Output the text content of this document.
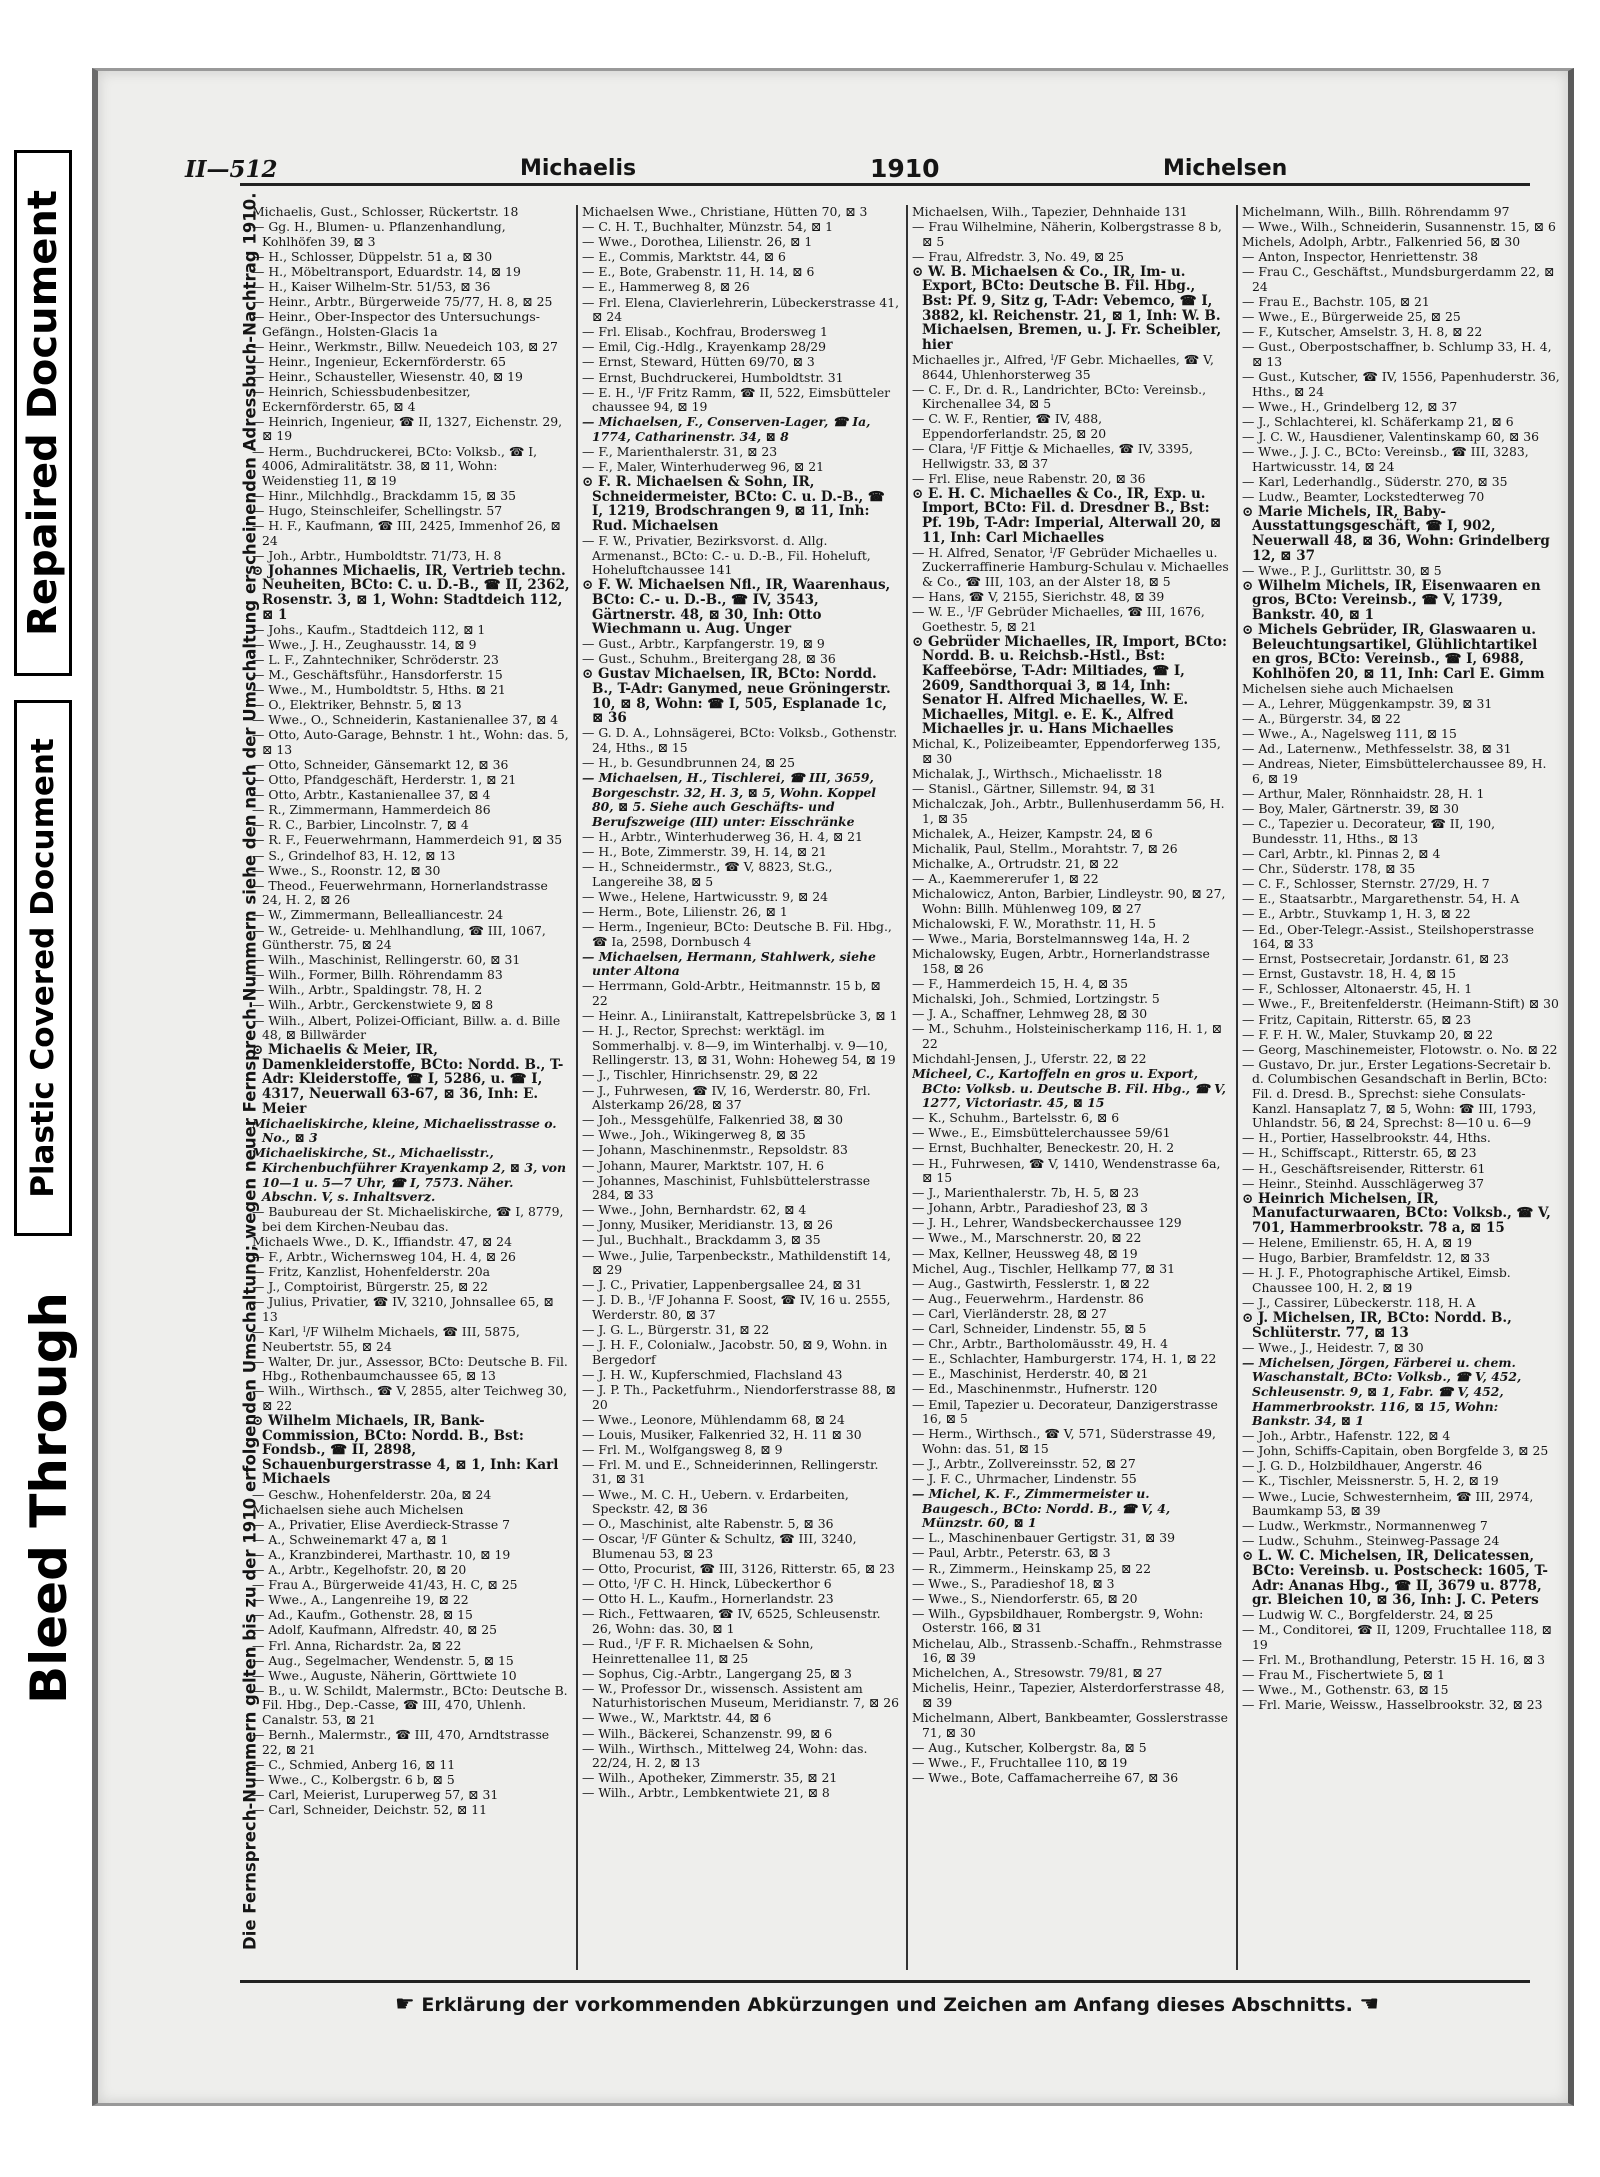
Repaired Document
Plastic Covered Document
Bleed Through
II—512	Michaelis	1910	Michelsen
Die Fernsprech-Nummern gelten bis zu der 1910 erfolgenden Umschaltung; wegen neuer Fernsprech-Nummern siehe den nach der Umschaltung erscheinenden Adressbuch-Nachtrag 1910.
Michaelis, Gust., Schlosser, Rückertstr. 18
— Gg. H., Blumen- u. Pflanzenhandlung, Kohlhöfen 39, ⊠ 3
— H., Schlosser, Düppelstr. 51 a, ⊠ 30
— H., Möbeltransport, Eduardstr. 14, ⊠ 19
— H., Kaiser Wilhelm-Str. 51/53, ⊠ 36
— Heinr., Arbtr., Bürgerweide 75/77, H. 8, ⊠ 25
— Heinr., Ober-Inspector des Untersuchungs-Gefängn., Holsten-Glacis 1a
— Heinr., Werkmstr., Billw. Neuedeich 103, ⊠ 27
— Heinr., Ingenieur, Eckernförderstr. 65
— Heinr., Schausteller, Wiesenstr. 40, ⊠ 19
— Heinrich, Schiessbudenbesitzer, Eckernförderstr. 65, ⊠ 4
— Heinrich, Ingenieur, ☎ II, 1327, Eichenstr. 29, ⊠ 19
— Herm., Buchdruckerei, BCto: Volksb., ☎ I, 4006, Admiralitätstr. 38, ⊠ 11, Wohn: Weidenstieg 11, ⊠ 19
— Hinr., Milchhdlg., Brackdamm 15, ⊠ 35
— Hugo, Steinschleifer, Schellingstr. 57
— H. F., Kaufmann, ☎ III, 2425, Immenhof 26, ⊠ 24
— Joh., Arbtr., Humboldtstr. 71/73, H. 8
⊙ Johannes Michaelis, IR, Vertrieb techn. Neuheiten, BCto: C. u. D.-B., ☎ II, 2362, Rosenstr. 3, ⊠ 1, Wohn: Stadtdeich 112, ⊠ 1
— Johs., Kaufm., Stadtdeich 112, ⊠ 1
— Wwe., J. H., Zeughausstr. 14, ⊠ 9
— L. F., Zahntechniker, Schröderstr. 23
— M., Geschäftsführ., Hansdorferstr. 15
— Wwe., M., Humboldtstr. 5, Hths. ⊠ 21
— O., Elektriker, Behnstr. 5, ⊠ 13
— Wwe., O., Schneiderin, Kastanienallee 37, ⊠ 4
— Otto, Auto-Garage, Behnstr. 1 ht., Wohn: das. 5, ⊠ 13
— Otto, Schneider, Gänsemarkt 12, ⊠ 36
— Otto, Pfandgeschäft, Herderstr. 1, ⊠ 21
— Otto, Arbtr., Kastanienallee 37, ⊠ 4
— R., Zimmermann, Hammerdeich 86
— R. C., Barbier, Lincolnstr. 7, ⊠ 4
— R. F., Feuerwehrmann, Hammerdeich 91, ⊠ 35
— S., Grindelhof 83, H. 12, ⊠ 13
— Wwe., S., Roonstr. 12, ⊠ 30
— Theod., Feuerwehrmann, Hornerlandstrasse 24, H. 2, ⊠ 26
— W., Zimmermann, Bellealliancestr. 24
— W., Getreide- u. Mehlhandlung, ☎ III, 1067, Güntherstr. 75, ⊠ 24
— Wilh., Maschinist, Rellingerstr. 60, ⊠ 31
— Wilh., Former, Billh. Röhrendamm 83
— Wilh., Arbtr., Spaldingstr. 78, H. 2
— Wilh., Arbtr., Gerckenstwiete 9, ⊠ 8
— Wilh., Albert, Polizei-Officiant, Billw. a. d. Bille 48, ⊠ Billwärder
⊙ Michaelis & Meier, IR, Damenkleiderstoffe, BCto: Nordd. B., T-Adr: Kleiderstoffe, ☎ I, 5286, u. ☎ I, 4317, Neuerwall 63-67, ⊠ 36, Inh: E. Meier
Michaeliskirche, kleine, Michaelisstrasse o. No., ⊠ 3
Michaeliskirche, St., Michaelisstr., Kirchenbuchführer Krayenkamp 2, ⊠ 3, von 10—1 u. 5—7 Uhr, ☎ I, 7573. Näher. Abschn. V, s. Inhaltsverz.
— Baubureau der St. Michaeliskirche, ☎ I, 8779, bei dem Kirchen-Neubau das.
Michaels Wwe., D. K., Iffiandstr. 47, ⊠ 24
— F., Arbtr., Wichernsweg 104, H. 4, ⊠ 26
— Fritz, Kanzlist, Hohenfelderstr. 20a
— J., Comptoirist, Bürgerstr. 25, ⊠ 22
— Julius, Privatier, ☎ IV, 3210, Johnsallee 65, ⊠ 13
— Karl, ᴵ/F Wilhelm Michaels, ☎ III, 5875, Neubertstr. 55, ⊠ 24
— Walter, Dr. jur., Assessor, BCto: Deutsche B. Fil. Hbg., Rothenbaumchaussee 65, ⊠ 13
— Wilh., Wirthsch., ☎ V, 2855, alter Teichweg 30, ⊠ 22
⊙ Wilhelm Michaels, IR, Bank-Commission, BCto: Nordd. B., Bst: Fondsb., ☎ II, 2898, Schauenburgerstrasse 4, ⊠ 1, Inh: Karl Michaels
— Geschw., Hohenfelderstr. 20a, ⊠ 24
Michaelsen siehe auch Michelsen
— A., Privatier, Elise Averdieck-Strasse 7
— A., Schweinemarkt 47 a, ⊠ 1
— A., Kranzbinderei, Marthastr. 10, ⊠ 19
— A., Arbtr., Kegelhofstr. 20, ⊠ 20
— Frau A., Bürgerweide 41/43, H. C, ⊠ 25
— Wwe., A., Langenreihe 19, ⊠ 22
— Ad., Kaufm., Gothenstr. 28, ⊠ 15
— Adolf, Kaufmann, Alfredstr. 40, ⊠ 25
— Frl. Anna, Richardstr. 2a, ⊠ 22
— Aug., Segelmacher, Wendenstr. 5, ⊠ 15
— Wwe., Auguste, Näherin, Görttwiete 10
— B., u. W. Schildt, Malermstr., BCto: Deutsche B. Fil. Hbg., Dep.-Casse, ☎ III, 470, Uhlenh. Canalstr. 53, ⊠ 21
— Bernh., Malermstr., ☎ III, 470, Arndtstrasse 22, ⊠ 21
— C., Schmied, Anberg 16, ⊠ 11
— Wwe., C., Kolbergstr. 6 b, ⊠ 5
— Carl, Meierist, Luruperweg 57, ⊠ 31
— Carl, Schneider, Deichstr. 52, ⊠ 11
Michaelsen Wwe., Christiane, Hütten 70, ⊠ 3
— C. H. T., Buchhalter, Münzstr. 54, ⊠ 1
— Wwe., Dorothea, Lilienstr. 26, ⊠ 1
— E., Commis, Marktstr. 44, ⊠ 6
— E., Bote, Grabenstr. 11, H. 14, ⊠ 6
— E., Hammerweg 8, ⊠ 26
— Frl. Elena, Clavierlehrerin, Lübeckerstrasse 41, ⊠ 24
— Frl. Elisab., Kochfrau, Brodersweg 1
— Emil, Cig.-Hdlg., Krayenkamp 28/29
— Ernst, Steward, Hütten 69/70, ⊠ 3
— Ernst, Buchdruckerei, Humboldtstr. 31
— E. H., ᴵ/F Fritz Ramm, ☎ II, 522, Eimsbütteler chaussee 94, ⊠ 19
— Michaelsen, F., Conserven-Lager, ☎ Ia, 1774, Catharinenstr. 34, ⊠ 8
— F., Marienthalerstr. 31, ⊠ 23
— F., Maler, Winterhuderweg 96, ⊠ 21
⊙ F. R. Michaelsen & Sohn, IR, Schneidermeister, BCto: C. u. D.-B., ☎ I, 1219, Brodschrangen 9, ⊠ 11, Inh: Rud. Michaelsen
— F. W., Privatier, Bezirksvorst. d. Allg. Armenanst., BCto: C.- u. D.-B., Fil. Hoheluft, Hoheluftchaussee 141
⊙ F. W. Michaelsen Nfl., IR, Waarenhaus, BCto: C.- u. D.-B., ☎ IV, 3543, Gärtnerstr. 48, ⊠ 30, Inh: Otto Wiechmann u. Aug. Unger
— Gust., Arbtr., Karpfangerstr. 19, ⊠ 9
— Gust., Schuhm., Breitergang 28, ⊠ 36
⊙ Gustav Michaelsen, IR, BCto: Nordd. B., T-Adr: Ganymed, neue Gröningerstr. 10, ⊠ 8, Wohn: ☎ I, 505, Esplanade 1c, ⊠ 36
— G. D. A., Lohnsägerei, BCto: Volksb., Gothenstr. 24, Hths., ⊠ 15
— H., b. Gesundbrunnen 24, ⊠ 25
— Michaelsen, H., Tischlerei, ☎ III, 3659, Borgeschstr. 32, H. 3, ⊠ 5, Wohn. Koppel 80, ⊠ 5. Siehe auch Geschäfts- und Berufszweige (III) unter: Eisschränke
— H., Arbtr., Winterhuderweg 36, H. 4, ⊠ 21
— H., Bote, Zimmerstr. 39, H. 14, ⊠ 21
— H., Schneidermstr., ☎ V, 8823, St.G., Langereihe 38, ⊠ 5
— Wwe., Helene, Hartwicusstr. 9, ⊠ 24
— Herm., Bote, Lilienstr. 26, ⊠ 1
— Herm., Ingenieur, BCto: Deutsche B. Fil. Hbg., ☎ Ia, 2598, Dornbusch 4
— Michaelsen, Hermann, Stahlwerk, siehe unter Altona
— Herrmann, Gold-Arbtr., Heitmannstr. 15 b, ⊠ 22
— Heinr. A., Liniiranstalt, Kattrepelsbrücke 3, ⊠ 1
— H. J., Rector, Sprechst: werktägl. im Sommerhalbj. v. 8—9, im Winterhalbj. v. 9—10, Rellingerstr. 13, ⊠ 31, Wohn: Hoheweg 54, ⊠ 19
— J., Tischler, Hinrichsenstr. 29, ⊠ 22
— J., Fuhrwesen, ☎ IV, 16, Werderstr. 80, Frl. Alsterkamp 26/28, ⊠ 37
— Joh., Messgehülfe, Falkenried 38, ⊠ 30
— Wwe., Joh., Wikingerweg 8, ⊠ 35
— Johann, Maschinenmstr., Repsoldstr. 83
— Johann, Maurer, Marktstr. 107, H. 6
— Johannes, Maschinist, Fuhlsbüttelerstrasse 284, ⊠ 33
— Wwe., John, Bernhardstr. 62, ⊠ 4
— Jonny, Musiker, Meridianstr. 13, ⊠ 26
— Jul., Buchhalt., Brackdamm 3, ⊠ 35
— Wwe., Julie, Tarpenbeckstr., Mathildenstift 14, ⊠ 29
— J. C., Privatier, Lappenbergsallee 24, ⊠ 31
— J. D. B., ᴵ/F Johanna F. Soost, ☎ IV, 16 u. 2555, Werderstr. 80, ⊠ 37
— J. G. L., Bürgerstr. 31, ⊠ 22
— J. H. F., Colonialw., Jacobstr. 50, ⊠ 9, Wohn. in Bergedorf
— J. H. W., Kupferschmied, Flachsland 43
— J. P. Th., Packetfuhrm., Niendorferstrasse 88, ⊠ 20
— Wwe., Leonore, Mühlendamm 68, ⊠ 24
— Louis, Musiker, Falkenried 32, H. 11 ⊠ 30
— Frl. M., Wolfgangsweg 8, ⊠ 9
— Frl. M. und E., Schneiderinnen, Rellingerstr. 31, ⊠ 31
— Wwe., M. C. H., Uebern. v. Erdarbeiten, Speckstr. 42, ⊠ 36
— O., Maschinist, alte Rabenstr. 5, ⊠ 36
— Oscar, ᴵ/F Günter & Schultz, ☎ III, 3240, Blumenau 53, ⊠ 23
— Otto, Procurist, ☎ III, 3126, Ritterstr. 65, ⊠ 23
— Otto, ᴵ/F C. H. Hinck, Lübeckerthor 6
— Otto H. L., Kaufm., Hornerlandstr. 23
— Rich., Fettwaaren, ☎ IV, 6525, Schleusenstr. 26, Wohn: das. 30, ⊠ 1
— Rud., ᴵ/F F. R. Michaelsen & Sohn, Heinrettenallee 11, ⊠ 25
— Sophus, Cig.-Arbtr., Langergang 25, ⊠ 3
— W., Professor Dr., wissensch. Assistent am Naturhistorischen Museum, Meridianstr. 7, ⊠ 26
— Wwe., W., Marktstr. 44, ⊠ 6
— Wilh., Bäckerei, Schanzenstr. 99, ⊠ 6
— Wilh., Wirthsch., Mittelweg 24, Wohn: das. 22/24, H. 2, ⊠ 13
— Wilh., Apotheker, Zimmerstr. 35, ⊠ 21
— Wilh., Arbtr., Lembkentwiete 21, ⊠ 8
Michaelsen, Wilh., Tapezier, Dehnhaide 131
— Frau Wilhelmine, Näherin, Kolbergstrasse 8 b, ⊠ 5
— Frau, Alfredstr. 3, No. 49, ⊠ 25
⊙ W. B. Michaelsen & Co., IR, Im- u. Export, BCto: Deutsche B. Fil. Hbg., Bst: Pf. 9, Sitz g, T-Adr: Vebemco, ☎ I, 3882, kl. Reichenstr. 21, ⊠ 1, Inh: W. B. Michaelsen, Bremen, u. J. Fr. Scheibler, hier
Michaelles jr., Alfred, ᴵ/F Gebr. Michaelles, ☎ V, 8644, Uhlenhorsterweg 35
— C. F., Dr. d. R., Landrichter, BCto: Vereinsb., Kirchenallee 34, ⊠ 5
— C. W. F., Rentier, ☎ IV, 488, Eppendorferlandstr. 25, ⊠ 20
— Clara, ᴵ/F Fittje & Michaelles, ☎ IV, 3395, Hellwigstr. 33, ⊠ 37
— Frl. Elise, neue Rabenstr. 20, ⊠ 36
⊙ E. H. C. Michaelles & Co., IR, Exp. u. Import, BCto: Fil. d. Dresdner B., Bst: Pf. 19b, T-Adr: Imperial, Alterwall 20, ⊠ 11, Inh: Carl Michaelles
— H. Alfred, Senator, ᴵ/F Gebrüder Michaelles u. Zuckerraffinerie Hamburg-Schulau v. Michaelles & Co., ☎ III, 103, an der Alster 18, ⊠ 5
— Hans, ☎ V, 2155, Sierichstr. 48, ⊠ 39
— W. E., ᴵ/F Gebrüder Michaelles, ☎ III, 1676, Goethestr. 5, ⊠ 21
⊙ Gebrüder Michaelles, IR, Import, BCto: Nordd. B. u. Reichsb.-Hstl., Bst: Kaffeebörse, T-Adr: Miltiades, ☎ I, 2609, Sandthorquai 3, ⊠ 14, Inh: Senator H. Alfred Michaelles, W. E. Michaelles, Mitgl. e. E. K., Alfred Michaelles jr. u. Hans Michaelles
Michal, K., Polizeibeamter, Eppendorferweg 135, ⊠ 30
Michalak, J., Wirthsch., Michaelisstr. 18
— Stanisl., Gärtner, Sillemstr. 94, ⊠ 31
Michalczak, Joh., Arbtr., Bullenhuserdamm 56, H. 1, ⊠ 35
Michalek, A., Heizer, Kampstr. 24, ⊠ 6
Michalik, Paul, Stellm., Morahtstr. 7, ⊠ 26
Michalke, A., Ortrudstr. 21, ⊠ 22
— A., Kaemmererufer 1, ⊠ 22
Michalowicz, Anton, Barbier, Lindleystr. 90, ⊠ 27, Wohn: Billh. Mühlenweg 109, ⊠ 27
Michalowski, F. W., Morathstr. 11, H. 5
— Wwe., Maria, Borstelmannsweg 14a, H. 2
Michalowsky, Eugen, Arbtr., Hornerlandstrasse 158, ⊠ 26
— F., Hammerdeich 15, H. 4, ⊠ 35
Michalski, Joh., Schmied, Lortzingstr. 5
— J. A., Schaffner, Lehmweg 28, ⊠ 30
— M., Schuhm., Holsteinischerkamp 116, H. 1, ⊠ 22
Michdahl-Jensen, J., Uferstr. 22, ⊠ 22
Micheel, C., Kartoffeln en gros u. Export, BCto: Volksb. u. Deutsche B. Fil. Hbg., ☎ V, 1277, Victoriastr. 45, ⊠ 15
— K., Schuhm., Bartelsstr. 6, ⊠ 6
— Wwe., E., Eimsbüttelerchaussee 59/61
— Ernst, Buchhalter, Beneckestr. 20, H. 2
— H., Fuhrwesen, ☎ V, 1410, Wendenstrasse 6a, ⊠ 15
— J., Marienthalerstr. 7b, H. 5, ⊠ 23
— Johann, Arbtr., Paradieshof 23, ⊠ 3
— J. H., Lehrer, Wandsbeckerchaussee 129
— Wwe., M., Marschnerstr. 20, ⊠ 22
— Max, Kellner, Heussweg 48, ⊠ 19
Michel, Aug., Tischler, Hellkamp 77, ⊠ 31
— Aug., Gastwirth, Fesslerstr. 1, ⊠ 22
— Aug., Feuerwehrm., Hardenstr. 86
— Carl, Vierländerstr. 28, ⊠ 27
— Carl, Schneider, Lindenstr. 55, ⊠ 5
— Chr., Arbtr., Bartholomäusstr. 49, H. 4
— E., Schlachter, Hamburgerstr. 174, H. 1, ⊠ 22
— E., Maschinist, Herderstr. 40, ⊠ 21
— Ed., Maschinenmstr., Hufnerstr. 120
— Emil, Tapezier u. Decorateur, Danzigerstrasse 16, ⊠ 5
— Herm., Wirthsch., ☎ V, 571, Süderstrasse 49, Wohn: das. 51, ⊠ 15
— J., Arbtr., Zollvereinsstr. 52, ⊠ 27
— J. F. C., Uhrmacher, Lindenstr. 55
— Michel, K. F., Zimmermeister u. Baugesch., BCto: Nordd. B., ☎ V, 4, Münzstr. 60, ⊠ 1
— L., Maschinenbauer Gertigstr. 31, ⊠ 39
— Paul, Arbtr., Peterstr. 63, ⊠ 3
— R., Zimmerm., Heinskamp 25, ⊠ 22
— Wwe., S., Paradieshof 18, ⊠ 3
— Wwe., S., Niendorferstr. 65, ⊠ 20
— Wilh., Gypsbildhauer, Rombergstr. 9, Wohn: Osterstr. 166, ⊠ 31
Michelau, Alb., Strassenb.-Schaffn., Rehmstrasse 16, ⊠ 39
Michelchen, A., Stresowstr. 79/81, ⊠ 27
Michelis, Heinr., Tapezier, Alsterdorferstrasse 48, ⊠ 39
Michelmann, Albert, Bankbeamter, Gosslerstrasse 71, ⊠ 30
— Aug., Kutscher, Kolbergstr. 8a, ⊠ 5
— Wwe., F., Fruchtallee 110, ⊠ 19
— Wwe., Bote, Caffamacherreihe 67, ⊠ 36
Michelmann, Wilh., Billh. Röhrendamm 97
— Wwe., Wilh., Schneiderin, Susannenstr. 15, ⊠ 6
Michels, Adolph, Arbtr., Falkenried 56, ⊠ 30
— Anton, Inspector, Henriettenstr. 38
— Frau C., Geschäftst., Mundsburgerdamm 22, ⊠ 24
— Frau E., Bachstr. 105, ⊠ 21
— Wwe., E., Bürgerweide 25, ⊠ 25
— F., Kutscher, Amselstr. 3, H. 8, ⊠ 22
— Gust., Oberpostschaffner, b. Schlump 33, H. 4, ⊠ 13
— Gust., Kutscher, ☎ IV, 1556, Papenhuderstr. 36, Hths., ⊠ 24
— Wwe., H., Grindelberg 12, ⊠ 37
— J., Schlachterei, kl. Schäferkamp 21, ⊠ 6
— J. C. W., Hausdiener, Valentinskamp 60, ⊠ 36
— Wwe., J. J. C., BCto: Vereinsb., ☎ III, 3283, Hartwicusstr. 14, ⊠ 24
— Karl, Lederhandlg., Süderstr. 270, ⊠ 35
— Ludw., Beamter, Lockstedterweg 70
⊙ Marie Michels, IR, Baby-Ausstattungsgeschäft, ☎ I, 902, Neuerwall 48, ⊠ 36, Wohn: Grindelberg 12, ⊠ 37
— Wwe., P. J., Gurlittstr. 30, ⊠ 5
⊙ Wilhelm Michels, IR, Eisenwaaren en gros, BCto: Vereinsb., ☎ V, 1739, Bankstr. 40, ⊠ 1
⊙ Michels Gebrüder, IR, Glaswaaren u. Beleuchtungsartikel, Glühlichtartikel en gros, BCto: Vereinsb., ☎ I, 6988, Kohlhöfen 20, ⊠ 11, Inh: Carl E. Gimm
Michelsen siehe auch Michaelsen
— A., Lehrer, Müggenkampstr. 39, ⊠ 31
— A., Bürgerstr. 34, ⊠ 22
— Wwe., A., Nagelsweg 111, ⊠ 15
— Ad., Laternenw., Methfesselstr. 38, ⊠ 31
— Andreas, Nieter, Eimsbüttelerchaussee 89, H. 6, ⊠ 19
— Arthur, Maler, Rönnhaidstr. 28, H. 1
— Boy, Maler, Gärtnerstr. 39, ⊠ 30
— C., Tapezier u. Decorateur, ☎ II, 190, Bundesstr. 11, Hths., ⊠ 13
— Carl, Arbtr., kl. Pinnas 2, ⊠ 4
— Chr., Süderstr. 178, ⊠ 35
— C. F., Schlosser, Sternstr. 27/29, H. 7
— E., Staatsarbtr., Margarethenstr. 54, H. A
— E., Arbtr., Stuvkamp 1, H. 3, ⊠ 22
— Ed., Ober-Telegr.-Assist., Steilshoperstrasse 164, ⊠ 33
— Ernst, Postsecretair, Jordanstr. 61, ⊠ 23
— Ernst, Gustavstr. 18, H. 4, ⊠ 15
— F., Schlosser, Altonaerstr. 45, H. 1
— Wwe., F., Breitenfelderstr. (Heimann-Stift) ⊠ 30
— Fritz, Capitain, Ritterstr. 65, ⊠ 23
— F. F. H. W., Maler, Stuvkamp 20, ⊠ 22
— Georg, Maschinemeister, Flotowstr. o. No. ⊠ 22
— Gustavo, Dr. jur., Erster Legations-Secretair b. d. Columbischen Gesandschaft in Berlin, BCto: Fil. d. Dresd. B., Sprechst: siehe Consulats-Kanzl. Hansaplatz 7, ⊠ 5, Wohn: ☎ III, 1793, Uhlandstr. 56, ⊠ 24, Sprechst: 8—10 u. 6—9
— H., Portier, Hasselbrookstr. 44, Hths.
— H., Schiffscapt., Ritterstr. 65, ⊠ 23
— H., Geschäftsreisender, Ritterstr. 61
— Heinr., Steinhd. Ausschlägerweg 37
⊙ Heinrich Michelsen, IR, Manufacturwaaren, BCto: Volksb., ☎ V, 701, Hammerbrookstr. 78 a, ⊠ 15
— Helene, Emilienstr. 65, H. A, ⊠ 19
— Hugo, Barbier, Bramfeldstr. 12, ⊠ 33
— H. J. F., Photographische Artikel, Eimsb. Chaussee 100, H. 2, ⊠ 19
— J., Cassirer, Lübeckerstr. 118, H. A
⊙ J. Michelsen, IR, BCto: Nordd. B., Schlüterstr. 77, ⊠ 13
— Wwe., J., Heidestr. 7, ⊠ 30
— Michelsen, Jörgen, Färberei u. chem. Waschanstalt, BCto: Volksb., ☎ V, 452, Schleusenstr. 9, ⊠ 1, Fabr. ☎ V, 452, Hammerbrookstr. 116, ⊠ 15, Wohn: Bankstr. 34, ⊠ 1
— Joh., Arbtr., Hafenstr. 122, ⊠ 4
— John, Schiffs-Capitain, oben Borgfelde 3, ⊠ 25
— J. G. D., Holzbildhauer, Angerstr. 46
— K., Tischler, Meissnerstr. 5, H. 2, ⊠ 19
— Wwe., Lucie, Schwesternheim, ☎ III, 2974, Baumkamp 53, ⊠ 39
— Ludw., Werkmstr., Normannenweg 7
— Ludw., Schuhm., Steinweg-Passage 24
⊙ L. W. C. Michelsen, IR, Delicatessen, BCto: Vereinsb. u. Postscheck: 1605, T-Adr: Ananas Hbg., ☎ II, 3679 u. 8778, gr. Bleichen 10, ⊠ 36, Inh: J. C. Peters
— Ludwig W. C., Borgfelderstr. 24, ⊠ 25
— M., Conditorei, ☎ II, 1209, Fruchtallee 118, ⊠ 19
— Frl. M., Brothandlung, Peterstr. 15 H. 16, ⊠ 3
— Frau M., Fischertwiete 5, ⊠ 1
— Wwe., M., Gothenstr. 63, ⊠ 15
— Frl. Marie, Weissw., Hasselbrookstr. 32, ⊠ 23
☛ Erklärung der vorkommenden Abkürzungen und Zeichen am Anfang dieses Abschnitts. ☚
